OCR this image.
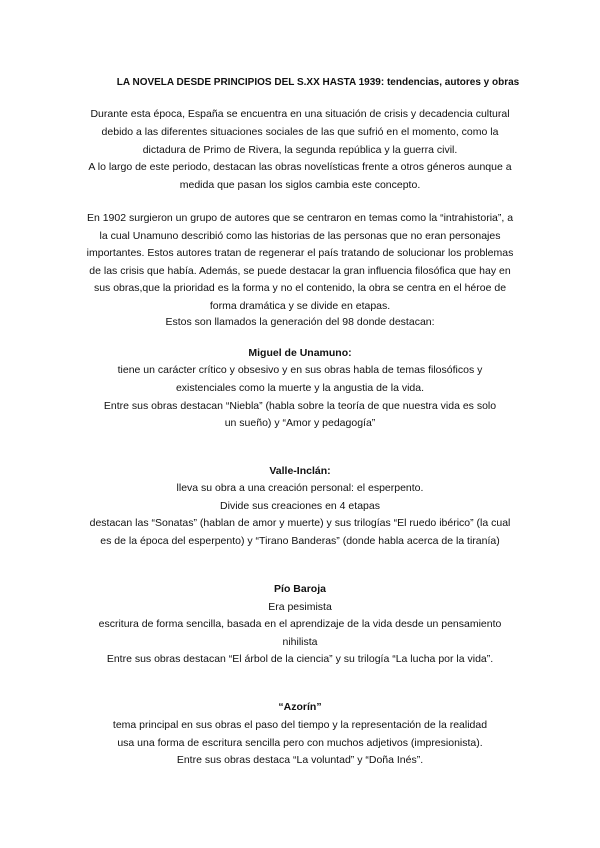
LA NOVELA DESDE PRINCIPIOS DEL S.XX HASTA 1939: tendencias, autores y obras
Durante esta época, España se encuentra en una situación de crisis y decadencia cultural
debido a las diferentes situaciones sociales de las que sufrió en el momento, como la
dictadura de Primo de Rivera, la segunda república y la guerra civil.
A lo largo de este periodo, destacan las obras novelísticas frente a otros géneros aunque a
medida que pasan los siglos cambia este concepto.
En 1902 surgieron un grupo de autores que se centraron en temas como la “intrahistoria”, a
la cual Unamuno describió como las historias de las personas que no eran personajes
importantes. Estos autores tratan de regenerar el país tratando de solucionar los problemas
de las crisis que había. Además, se puede destacar la gran influencia filosófica que hay en
sus obras,que la prioridad es la forma y no el contenido, la obra se centra en el héroe de
forma dramática y se divide en etapas.
Estos son llamados la generación del 98 donde destacan:
Miguel de Unamuno:
tiene un carácter crítico y obsesivo y en sus obras habla de temas filosóficos y
existenciales como la muerte y la angustia de la vida.
Entre sus obras destacan “Niebla” (habla sobre la teoría de que nuestra vida es solo
un sueño) y “Amor y pedagogía”
Valle-Inclán:
lleva su obra a una creación personal: el esperpento.
Divide sus creaciones en 4 etapas
destacan las “Sonatas” (hablan de amor y muerte) y sus trilogías “El ruedo ibérico” (la cual
es de la época del esperpento) y “Tirano Banderas” (donde habla acerca de la tiranía)
Pío Baroja
Era pesimista
escritura de forma sencilla, basada en el aprendizaje de la vida desde un pensamiento
nihilista
Entre sus obras destacan “El árbol de la ciencia” y su trilogía “La lucha por la vida”.
“Azorín”
tema principal en sus obras el paso del tiempo y la representación de la realidad
usa una forma de escritura sencilla pero con muchos adjetivos (impresionista).
Entre sus obras destaca “La voluntad” y “Doña Inés”.
